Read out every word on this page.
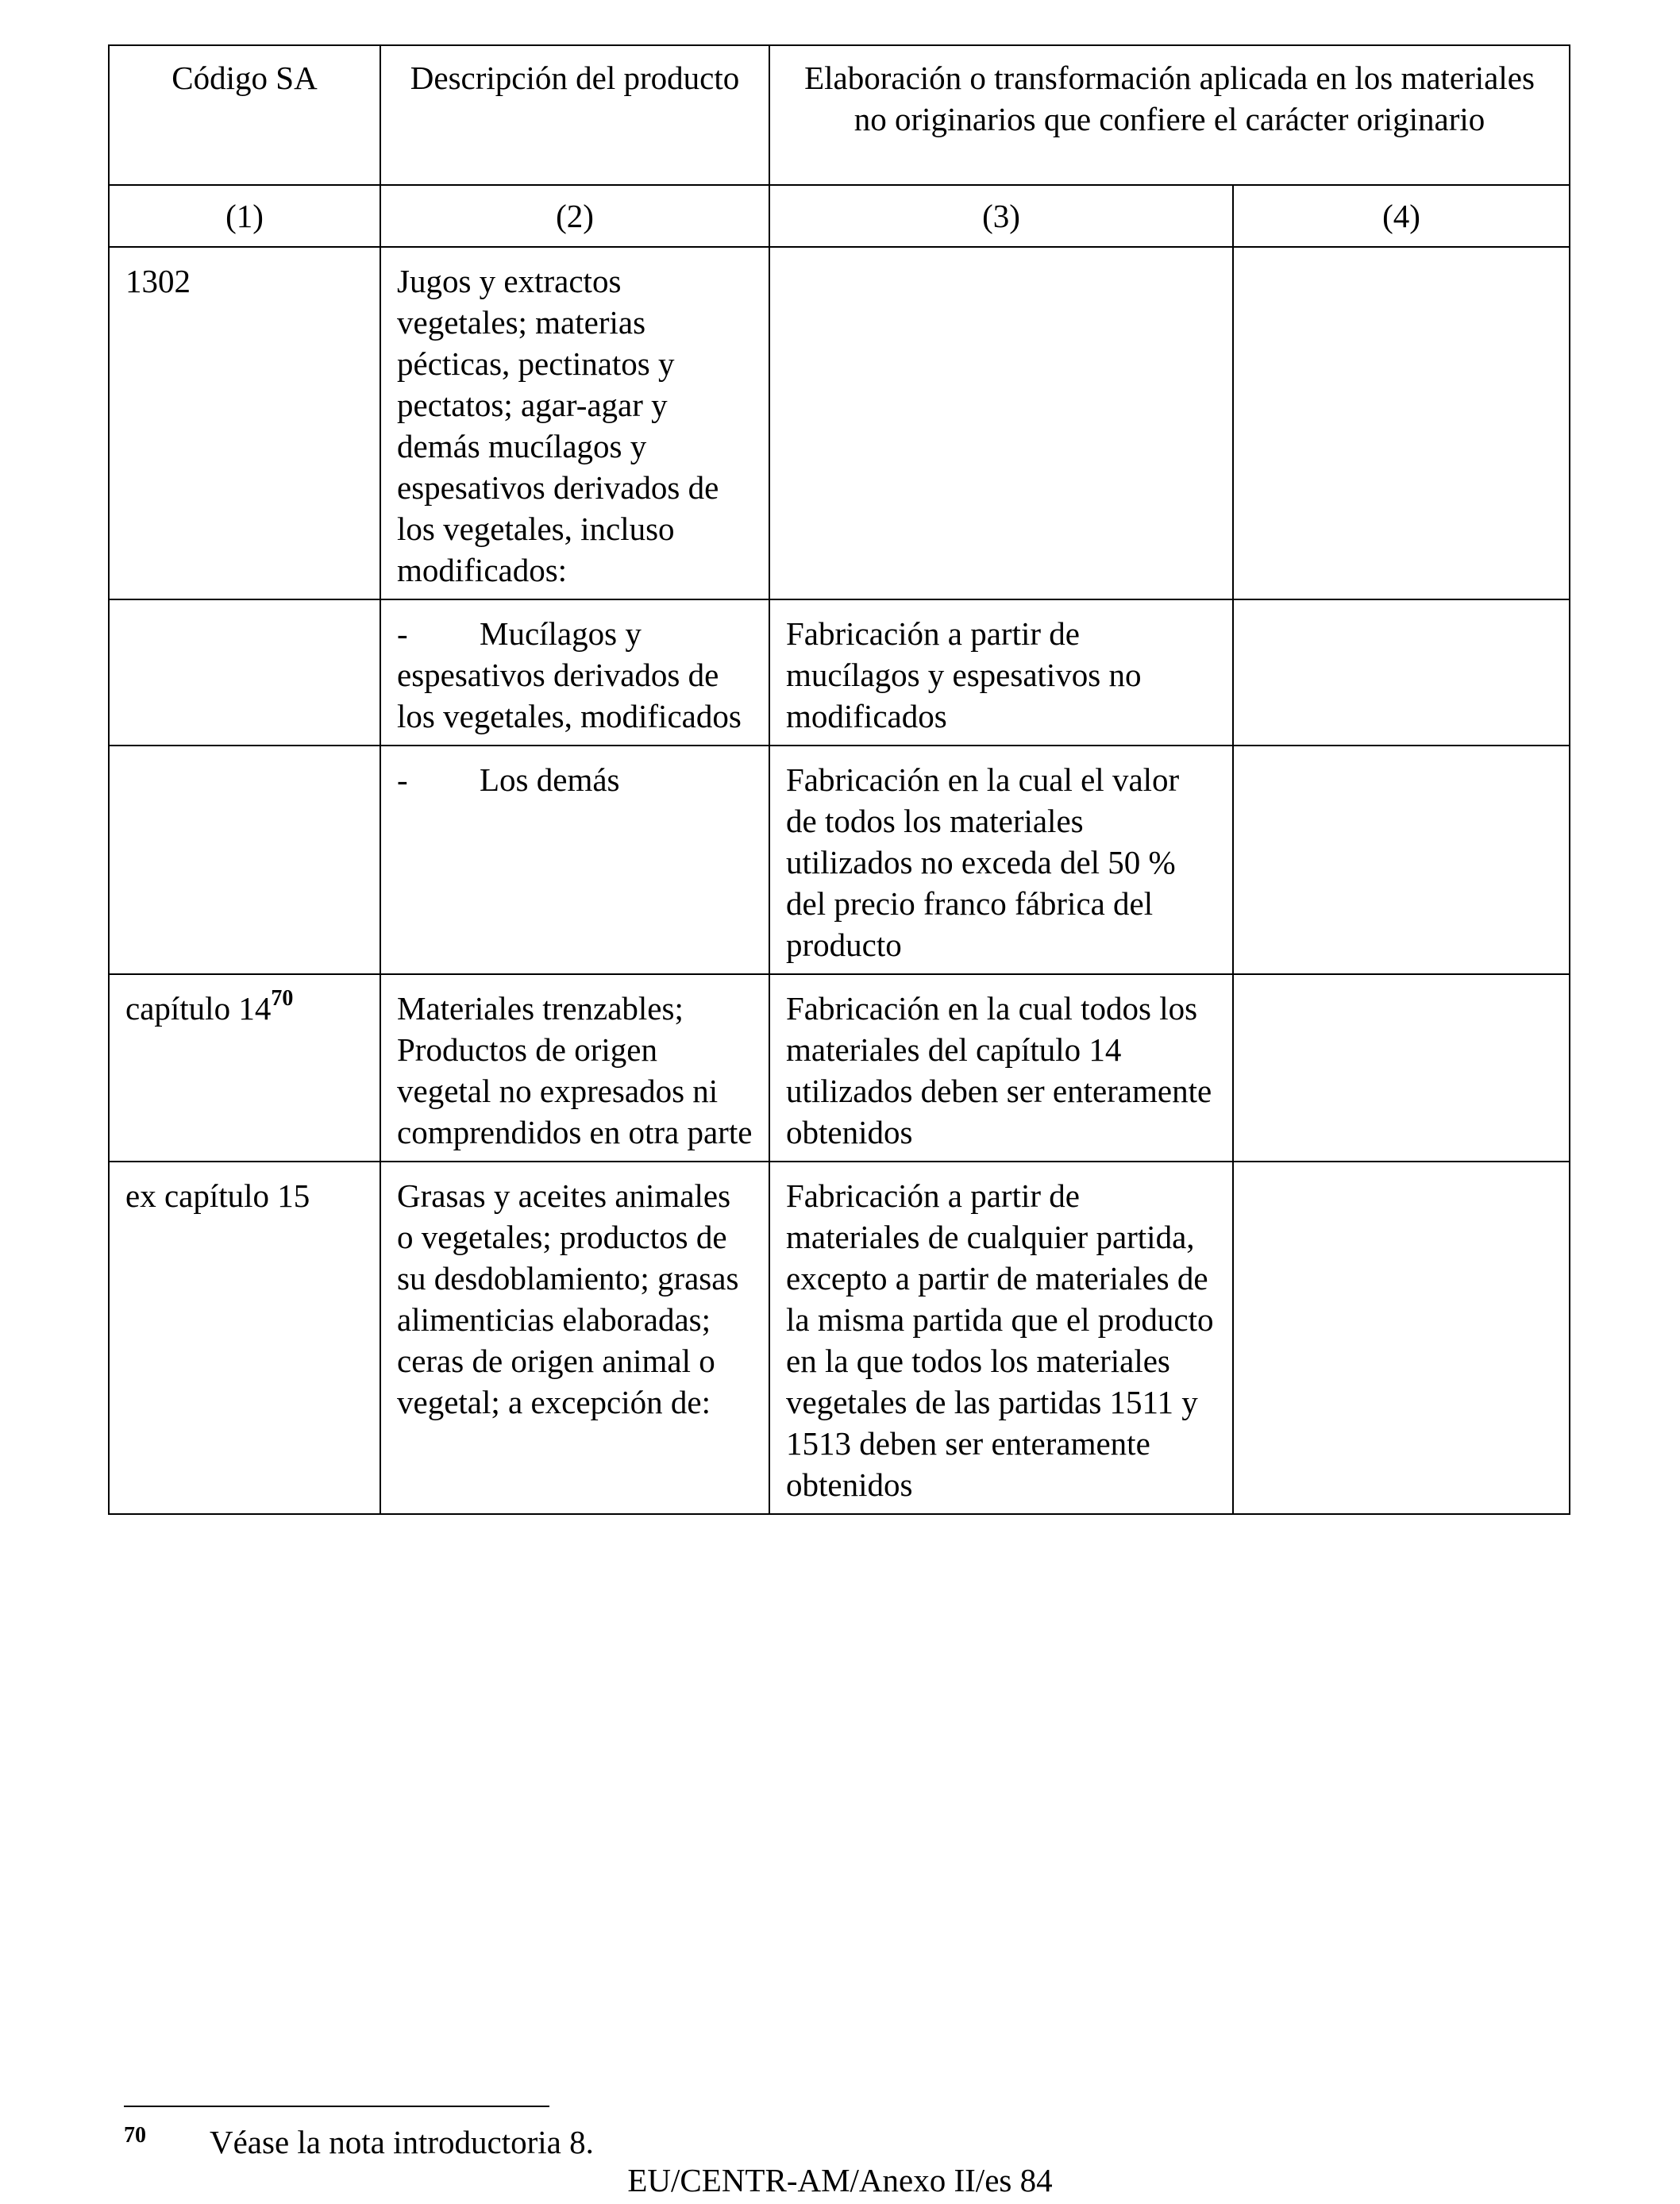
Código SA	Descripción del producto	Elaboración o transformación aplicada en los materiales no originarios que confiere el carácter originario	
(1)	(2)	(3)	(4)
1302	Jugos y extractos vegetales; materias pécticas, pectinatos y pectatos; agar-agar y demás mucílagos y espesativos derivados de los vegetales, incluso modificados:		
	- Mucílagos y espesativos derivados de los vegetales, modificados	Fabricación a partir de mucílagos y espesativos no modificados	
	- Los demás	Fabricación en la cual el valor de todos los materiales utilizados no exceda del 50 % del precio franco fábrica del producto	
capítulo 14$^{70}$	Materiales trenzables; Productos de origen vegetal no expresados ni comprendidos en otra parte	Fabricación en la cual todos los materiales del capítulo 14 utilizados deben ser enteramente obtenidos	
ex capítulo 15	Grasas y aceites animales o vegetales; productos de su desdoblamiento; grasas alimenticias elaboradas; ceras de origen animal o vegetal; a excepción de:	Fabricación a partir de materiales de cualquier partida, excepto a partir de materiales de la misma partida que el producto en la que todos los materiales vegetales de las partidas 1511 y 1513 deben ser enteramente obtenidos	
70 Véase la nota introductoria 8.
EU/CENTR-AM/Anexo II/es 84
